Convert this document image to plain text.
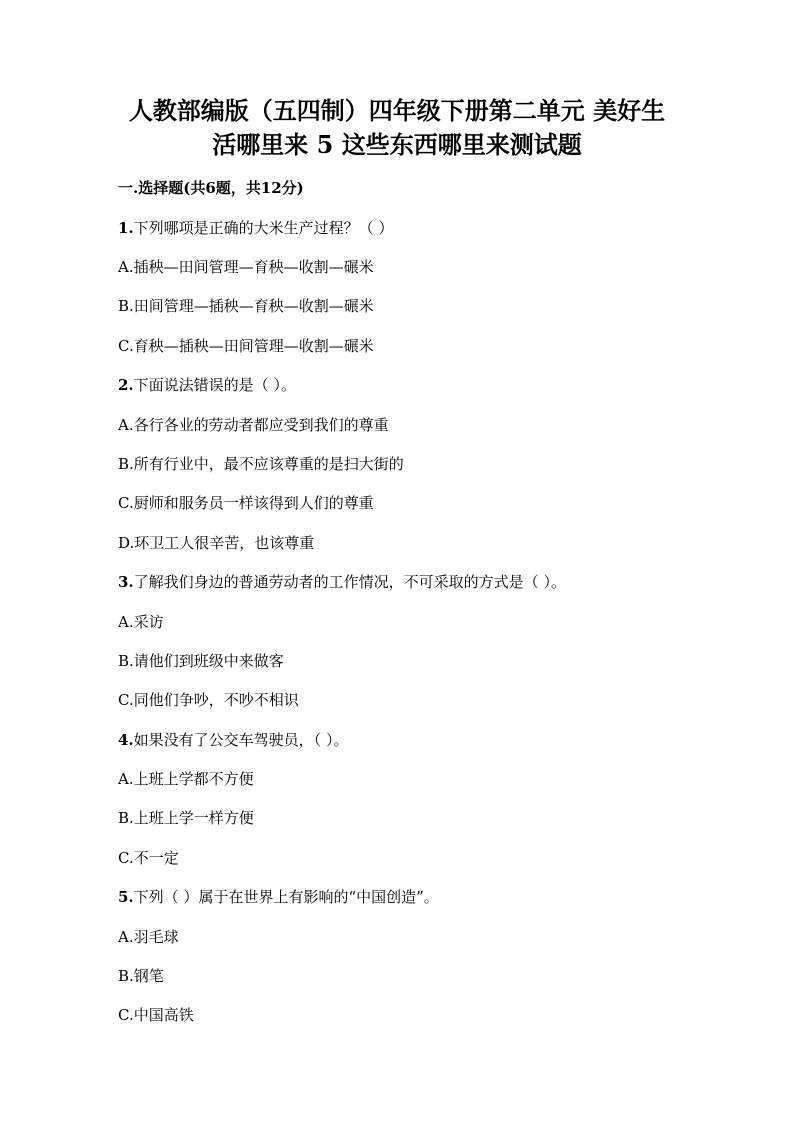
人教部编版（五四制）四年级下册第二单元 美好生
活哪里来 5 这些东西哪里来测试题
一.选择题(共6题，共12分)
1.下列哪项是正确的大米生产过程？（ ）
A.插秧—田间管理—育秧—收割—碾米
B.田间管理—插秧—育秧—收割—碾米
C.育秧—插秧—田间管理—收割—碾米
2.下面说法错误的是（ ）。
A.各行各业的劳动者都应受到我们的尊重
B.所有行业中，最不应该尊重的是扫大街的
C.厨师和服务员一样该得到人们的尊重
D.环卫工人很辛苦，也该尊重
3.了解我们身边的普通劳动者的工作情况，不可采取的方式是（ ）。
A.采访
B.请他们到班级中来做客
C.同他们争吵，不吵不相识
4.如果没有了公交车驾驶员，（ ）。
A.上班上学都不方便
B.上班上学一样方便
C.不一定
5.下列（ ）属于在世界上有影响的“中国创造”。
A.羽毛球
B.钢笔
C.中国高铁
